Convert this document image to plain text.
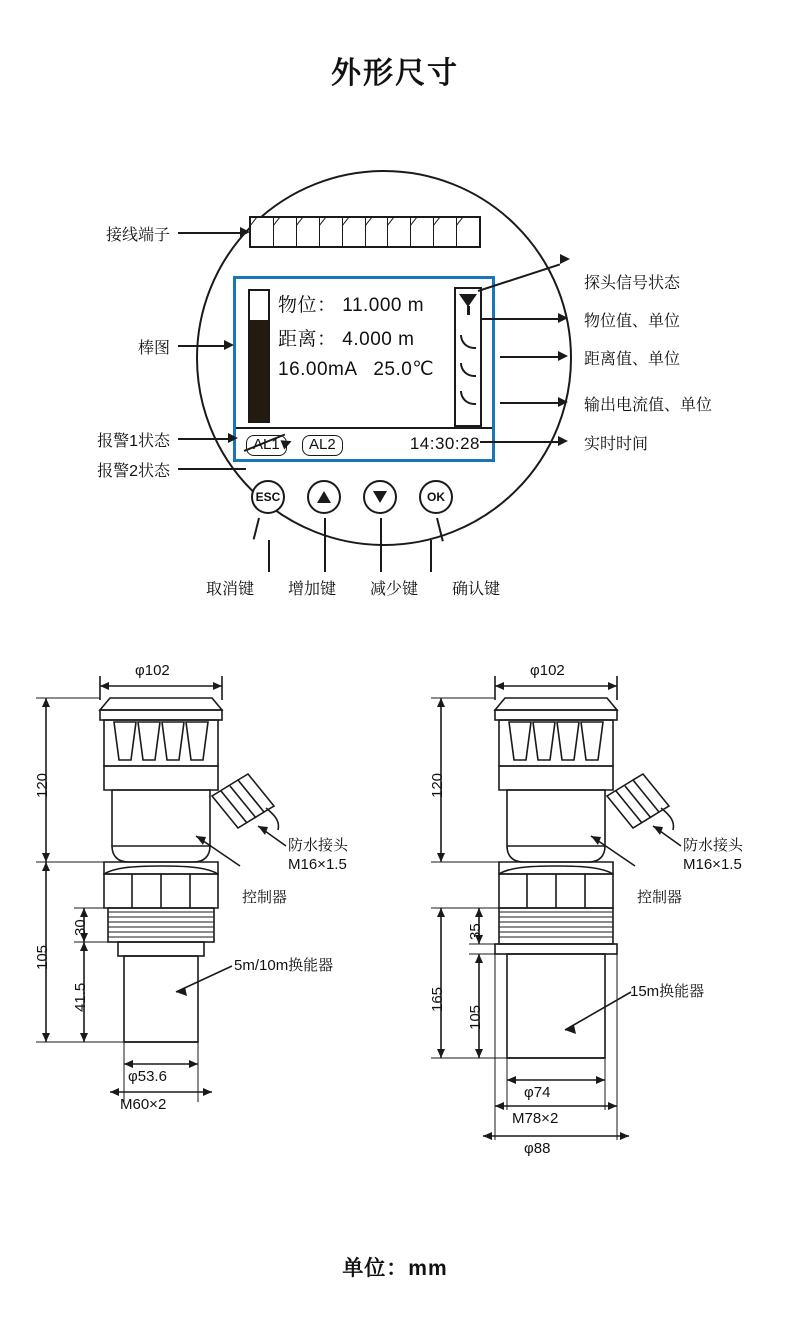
外形尺寸
物位： 11.000 m
距离： 4.000 m
16.00mA 25.0℃
AL1	AL2	14:30:28
ESC	OK
接线端子
棒图
报警1状态
报警2状态
探头信号状态
物位值、单位
距离值、单位
输出电流值、单位
实时时间
取消键 增加键 减少键 确认键
φ102
120
105
30
41.5
φ53.6
M60×2
防水接头
M16×1.5
控制器
5m/10m换能器
φ102
120
165
35
105
φ74
M78×2
φ88
防水接头
M16×1.5
控制器
15m换能器
单位：mm
